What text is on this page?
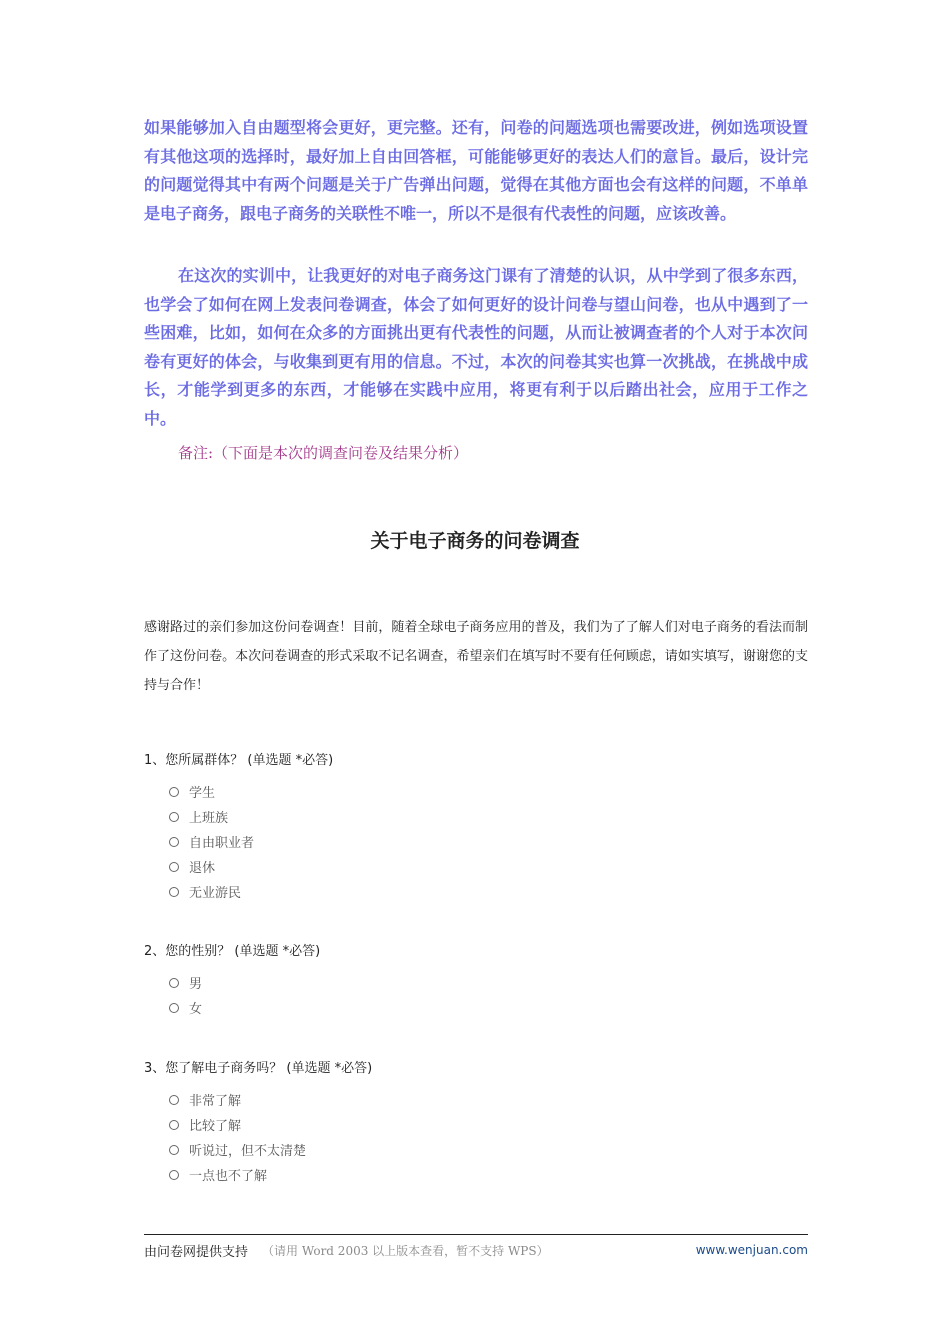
如果能够加入自由题型将会更好，更完整。还有，问卷的问题选项也需要改进，例如选项设置有其他这项的选择时，最好加上自由回答框，可能能够更好的表达人们的意旨。最后，设计完的问题觉得其中有两个问题是关于广告弹出问题，觉得在其他方面也会有这样的问题，不单单是电子商务，跟电子商务的关联性不唯一，所以不是很有代表性的问题，应该改善。

在这次的实训中，让我更好的对电子商务这门课有了清楚的认识，从中学到了很多东西，也学会了如何在网上发表问卷调查，体会了如何更好的设计问卷与望山问卷，也从中遇到了一些困难，比如，如何在众多的方面挑出更有代表性的问题，从而让被调查者的个人对于本次问卷有更好的体会，与收集到更有用的信息。不过，本次的问卷其实也算一次挑战，在挑战中成长，才能学到更多的东西，才能够在实践中应用，将更有利于以后踏出社会，应用于工作之中。

备注:（下面是本次的调查问卷及结果分析）

关于电子商务的问卷调查

感谢路过的亲们参加这份问卷调查！目前，随着全球电子商务应用的普及，我们为了了解人们对电子商务的看法而制作了这份问卷。本次问卷调查的形式采取不记名调查，希望亲们在填写时不要有任何顾虑，请如实填写，谢谢您的支持与合作！

1、您所属群体？ (单选题 *必答)

学生
上班族
自由职业者
退休
无业游民

2、您的性别？ (单选题 *必答)

男
女

3、您了解电子商务吗？ (单选题 *必答)

非常了解
比较了解
听说过，但不太清楚
一点也不了解
由问卷网提供支持 （请用 Word 2003 以上版本查看，暂不支持 WPS）	www.wenjuan.com
